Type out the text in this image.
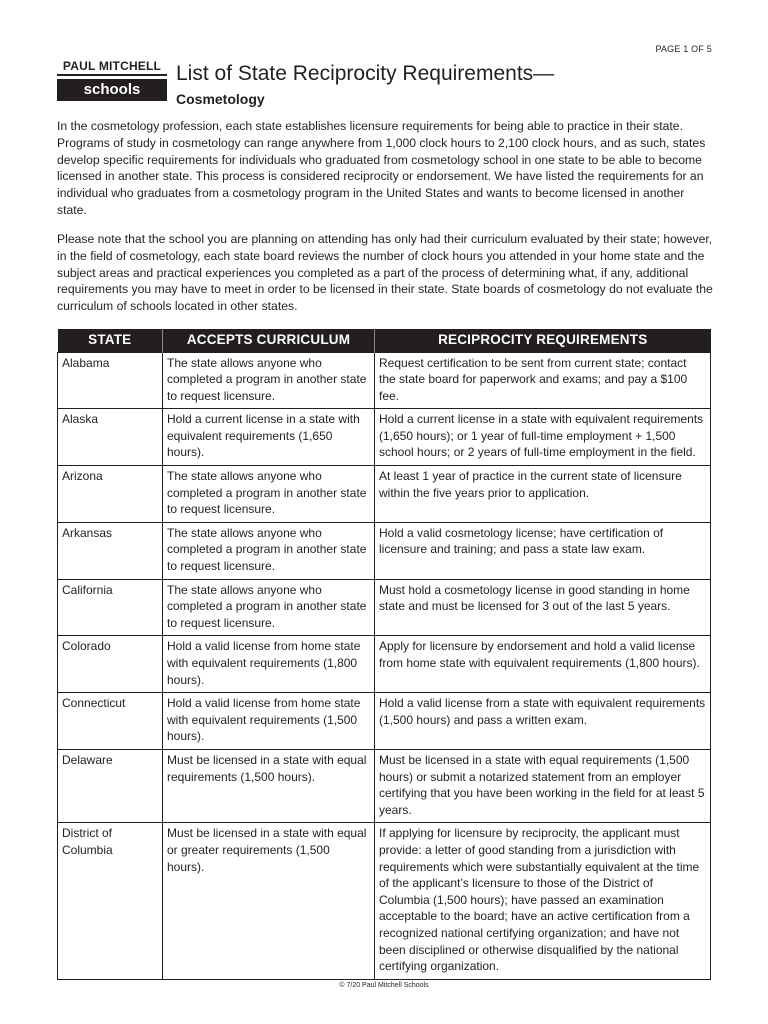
PAGE 1 OF 5
PAUL MITCHELL
schools
List of State Reciprocity Requirements—
Cosmetology

In the cosmetology profession, each state establishes licensure requirements for being able to practice in their state. Programs of study in cosmetology can range anywhere from 1,000 clock hours to 2,100 clock hours, and as such, states develop specific requirements for individuals who graduated from cosmetology school in one state to be able to become licensed in another state. This process is considered reciprocity or endorsement. We have listed the requirements for an individual who graduates from a cosmetology program in the United States and wants to become licensed in another state.

Please note that the school you are planning on attending has only had their curriculum evaluated by their state; however, in the field of cosmetology, each state board reviews the number of clock hours you attended in your home state and the subject areas and practical experiences you completed as a part of the process of determining what, if any, additional requirements you may have to meet in order to be licensed in their state. State boards of cosmetology do not evaluate the curriculum of schools located in other states.

STATE	ACCEPTS CURRICULUM	RECIPROCITY REQUIREMENTS
Alabama	The state allows anyone who completed a program in another state to request licensure.	Request certification to be sent from current state; contact the state board for paperwork and exams; and pay a $100 fee.
Alaska	Hold a current license in a state with equivalent requirements (1,650 hours).	Hold a current license in a state with equivalent requirements (1,650 hours); or 1 year of full-time employment + 1,500 school hours; or 2 years of full-time employment in the field.
Arizona	The state allows anyone who completed a program in another state to request licensure.	At least 1 year of practice in the current state of licensure within the five years prior to application.
Arkansas	The state allows anyone who completed a program in another state to request licensure.	Hold a valid cosmetology license; have certification of licensure and training; and pass a state law exam.
California	The state allows anyone who completed a program in another state to request licensure.	Must hold a cosmetology license in good standing in home state and must be licensed for 3 out of the last 5 years.
Colorado	Hold a valid license from home state with equivalent requirements (1,800 hours).	Apply for licensure by endorsement and hold a valid license from home state with equivalent requirements (1,800 hours).
Connecticut	Hold a valid license from home state with equivalent requirements (1,500 hours).	Hold a valid license from a state with equivalent requirements (1,500 hours) and pass a written exam.
Delaware	Must be licensed in a state with equal requirements (1,500 hours).	Must be licensed in a state with equal requirements (1,500 hours) or submit a notarized statement from an employer certifying that you have been working in the field for at least 5 years.
District of Columbia	Must be licensed in a state with equal or greater requirements (1,500 hours).	If applying for licensure by reciprocity, the applicant must provide: a letter of good standing from a jurisdiction with requirements which were substantially equivalent at the time of the applicant’s licensure to those of the District of Columbia (1,500 hours); have passed an examination acceptable to the board; have an active certification from a recognized national certifying organization; and have not been disciplined or otherwise disqualified by the national certifying organization.
© 7/20 Paul Mitchell Schools
